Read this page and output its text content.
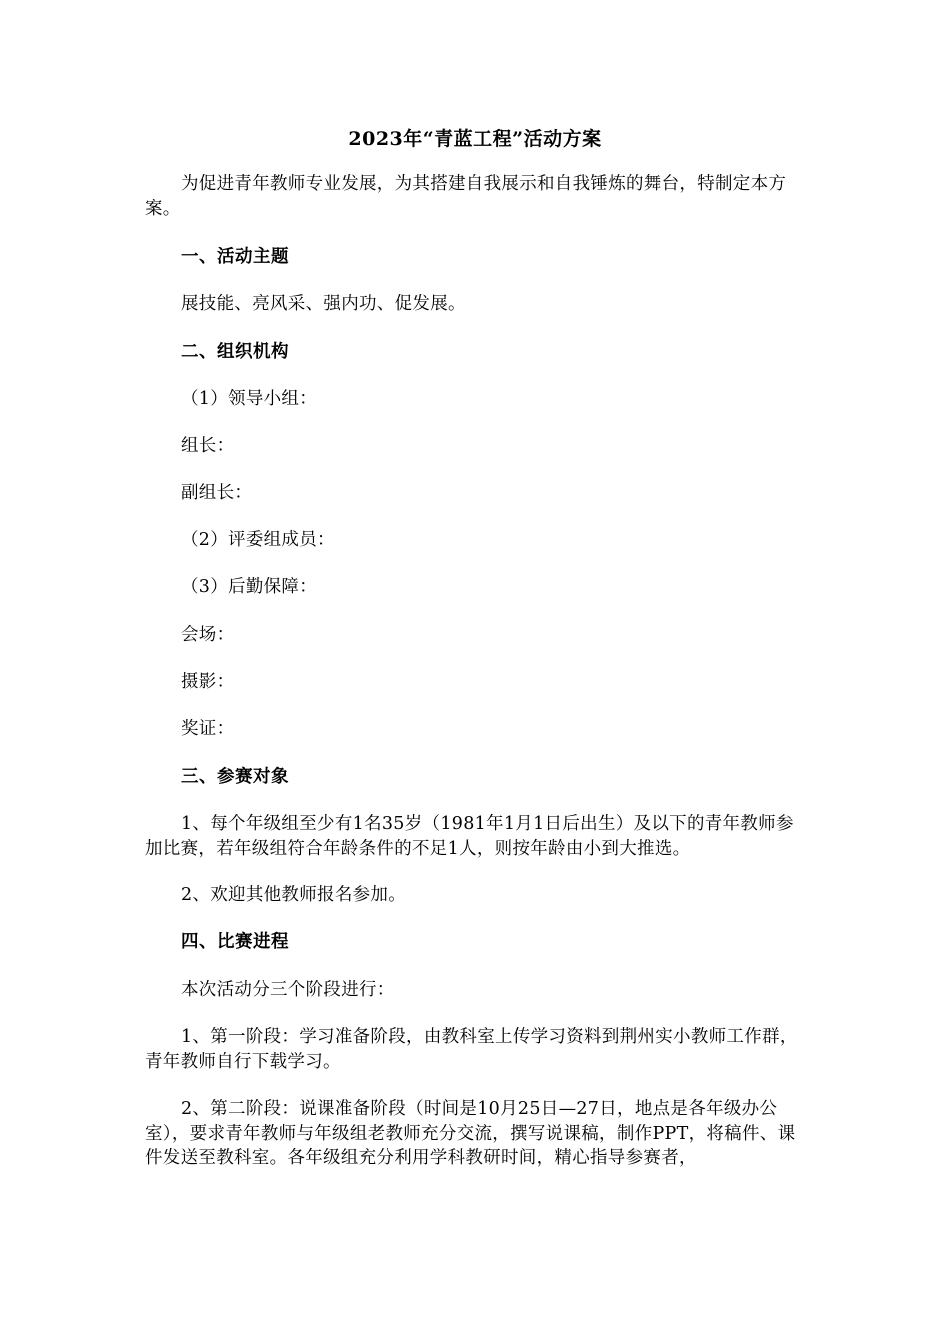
2023年“青蓝工程”活动方案

为促进青年教师专业发展，为其搭建自我展示和自我锤炼的舞台，特制定本方案。

一、活动主题

展技能、亮风采、强内功、促发展。

二、组织机构

（1）领导小组：

组长：

副组长：

（2）评委组成员：

（3）后勤保障：

会场：

摄影：

奖证：

三、参赛对象

1、每个年级组至少有1名35岁（1981年1月1日后出生）及以下的青年教师参加比赛，若年级组符合年龄条件的不足1人，则按年龄由小到大推选。

2、欢迎其他教师报名参加。

四、比赛进程

本次活动分三个阶段进行：

1、第一阶段：学习准备阶段，由教科室上传学习资料到荆州实小教师工作群，青年教师自行下载学习。

2、第二阶段：说课准备阶段（时间是10月25日—27日，地点是各年级办公室），要求青年教师与年级组老教师充分交流，撰写说课稿，制作PPT，将稿件、课件发送至教科室。各年级组充分利用学科教研时间，精心指导参赛者，
